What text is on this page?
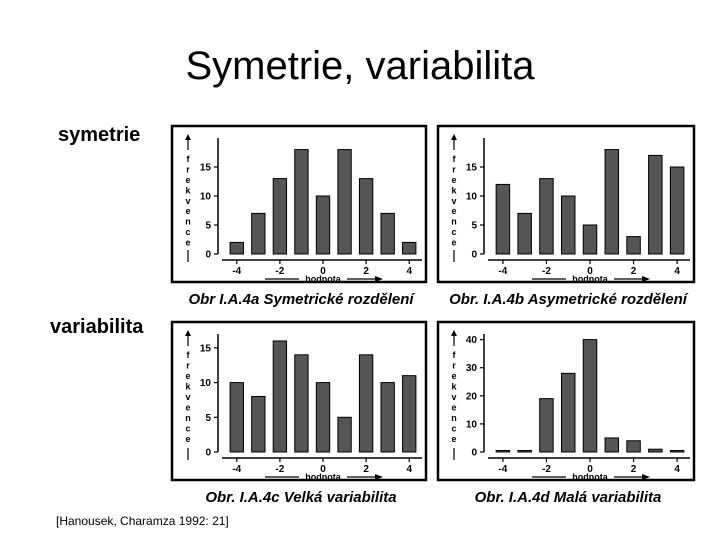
Symetrie, variabilita
symetrie
variabilita
0
5
10
15
f r e k v e n c e
-4	-2	0	2	4
hodnota
Obr I.A.4a Symetrické rozdělení
0
5
10
15
f r e k v e n c e
-4	-2	0	2	4
hodnota
Obr. I.A.4b Asymetrické rozdělení
0
5
10
15
f r e k v e n c e
-4	-2	0	2	4
hodnota
Obr. I.A.4c Velká variabilita
0
10
20
30
40
f r e k v e n c e
-4	-2	0	2	4
hodnota
Obr. I.A.4d Malá variabilita
[Hanousek, Charamza 1992: 21]
